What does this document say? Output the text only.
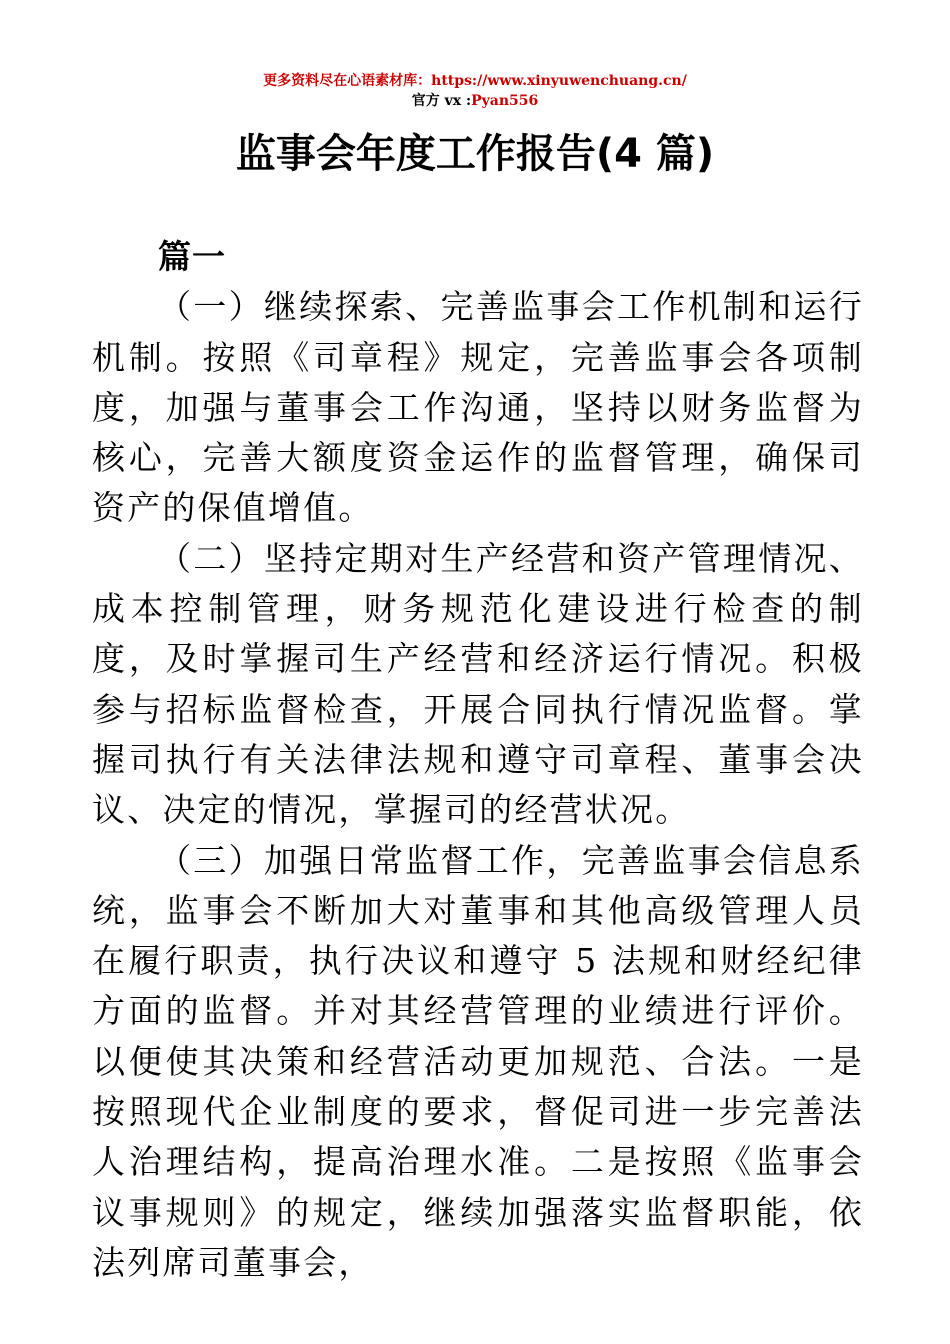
更多资料尽在心语素材库：https://www.xinyuwenchuang.cn/
官方 vx :Pyan556
监事会年度工作报告(4 篇)

篇一

（一）继续探索、完善监事会工作机制和运行机制。按照《司章程》规定，完善监事会各项制度，加强与董事会工作沟通，坚持以财务监督为核心，完善大额度资金运作的监督管理，确保司资产的保值增值。

（二）坚持定期对生产经营和资产管理情况、成本控制管理，财务规范化建设进行检查的制度，及时掌握司生产经营和经济运行情况。积极参与招标监督检查，开展合同执行情况监督。掌握司执行有关法律法规和遵守司章程、董事会决议、决定的情况，掌握司的经营状况。

（三）加强日常监督工作，完善监事会信息系统，监事会不断加大对董事和其他高级管理人员在履行职责，执行决议和遵守 5 法规和财经纪律方面的监督。并对其经营管理的业绩进行评价。以便使其决策和经营活动更加规范、合法。一是按照现代企业制度的要求，督促司进一步完善法人治理结构，提高治理水准。二是按照《监事会议事规则》的规定，继续加强落实监督职能，依法列席司董事会，
